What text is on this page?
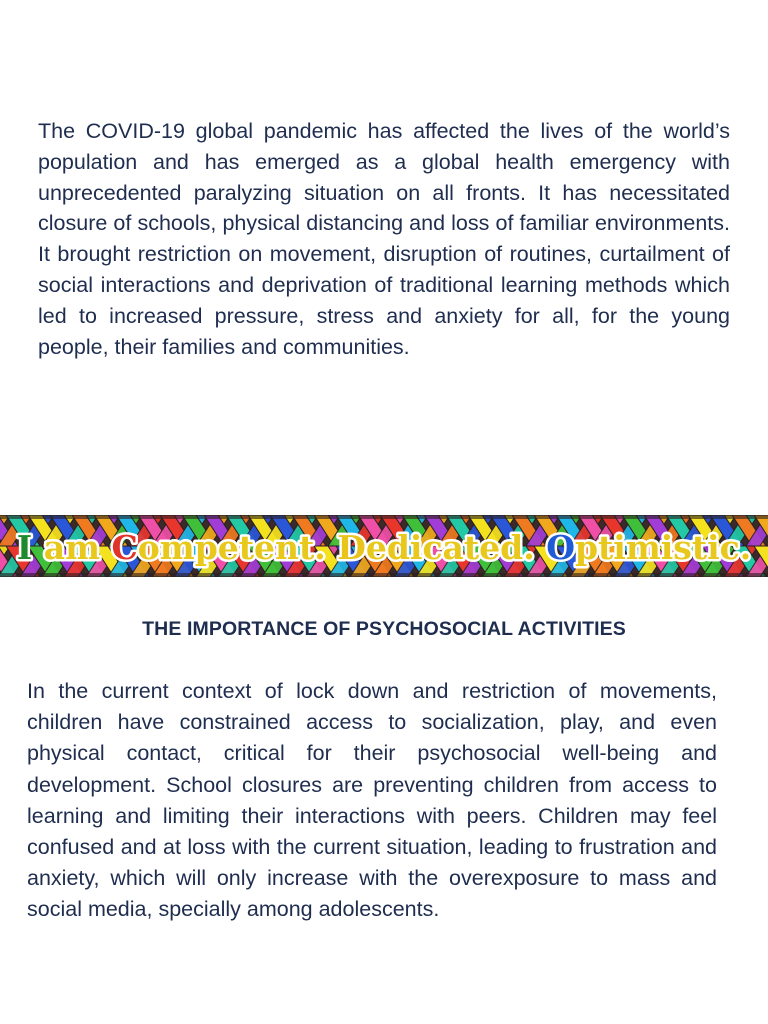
The COVID-19 global pandemic has affected the lives of the world’s population and has emerged as a global health emergency with unprecedented paralyzing situation on all fronts. It has necessitated closure of schools, physical distancing and loss of familiar environments. It brought restriction on movement, disruption of routines, curtailment of social interactions and deprivation of traditional learning methods which led to increased pressure, stress and anxiety for all, for the young people, their families and communities.

I am Competent. Dedicated. Optimistic.
THE IMPORTANCE OF PSYCHOSOCIAL ACTIVITIES

In the current context of lock down and restriction of movements, children have constrained access to socialization, play, and even physical contact, critical for their psychosocial well-being and development. School closures are preventing children from access to learning and limiting their interactions with peers. Children may feel confused and at loss with the current situation, leading to frustration and anxiety, which will only increase with the overexposure to mass and social media, specially among adolescents.
